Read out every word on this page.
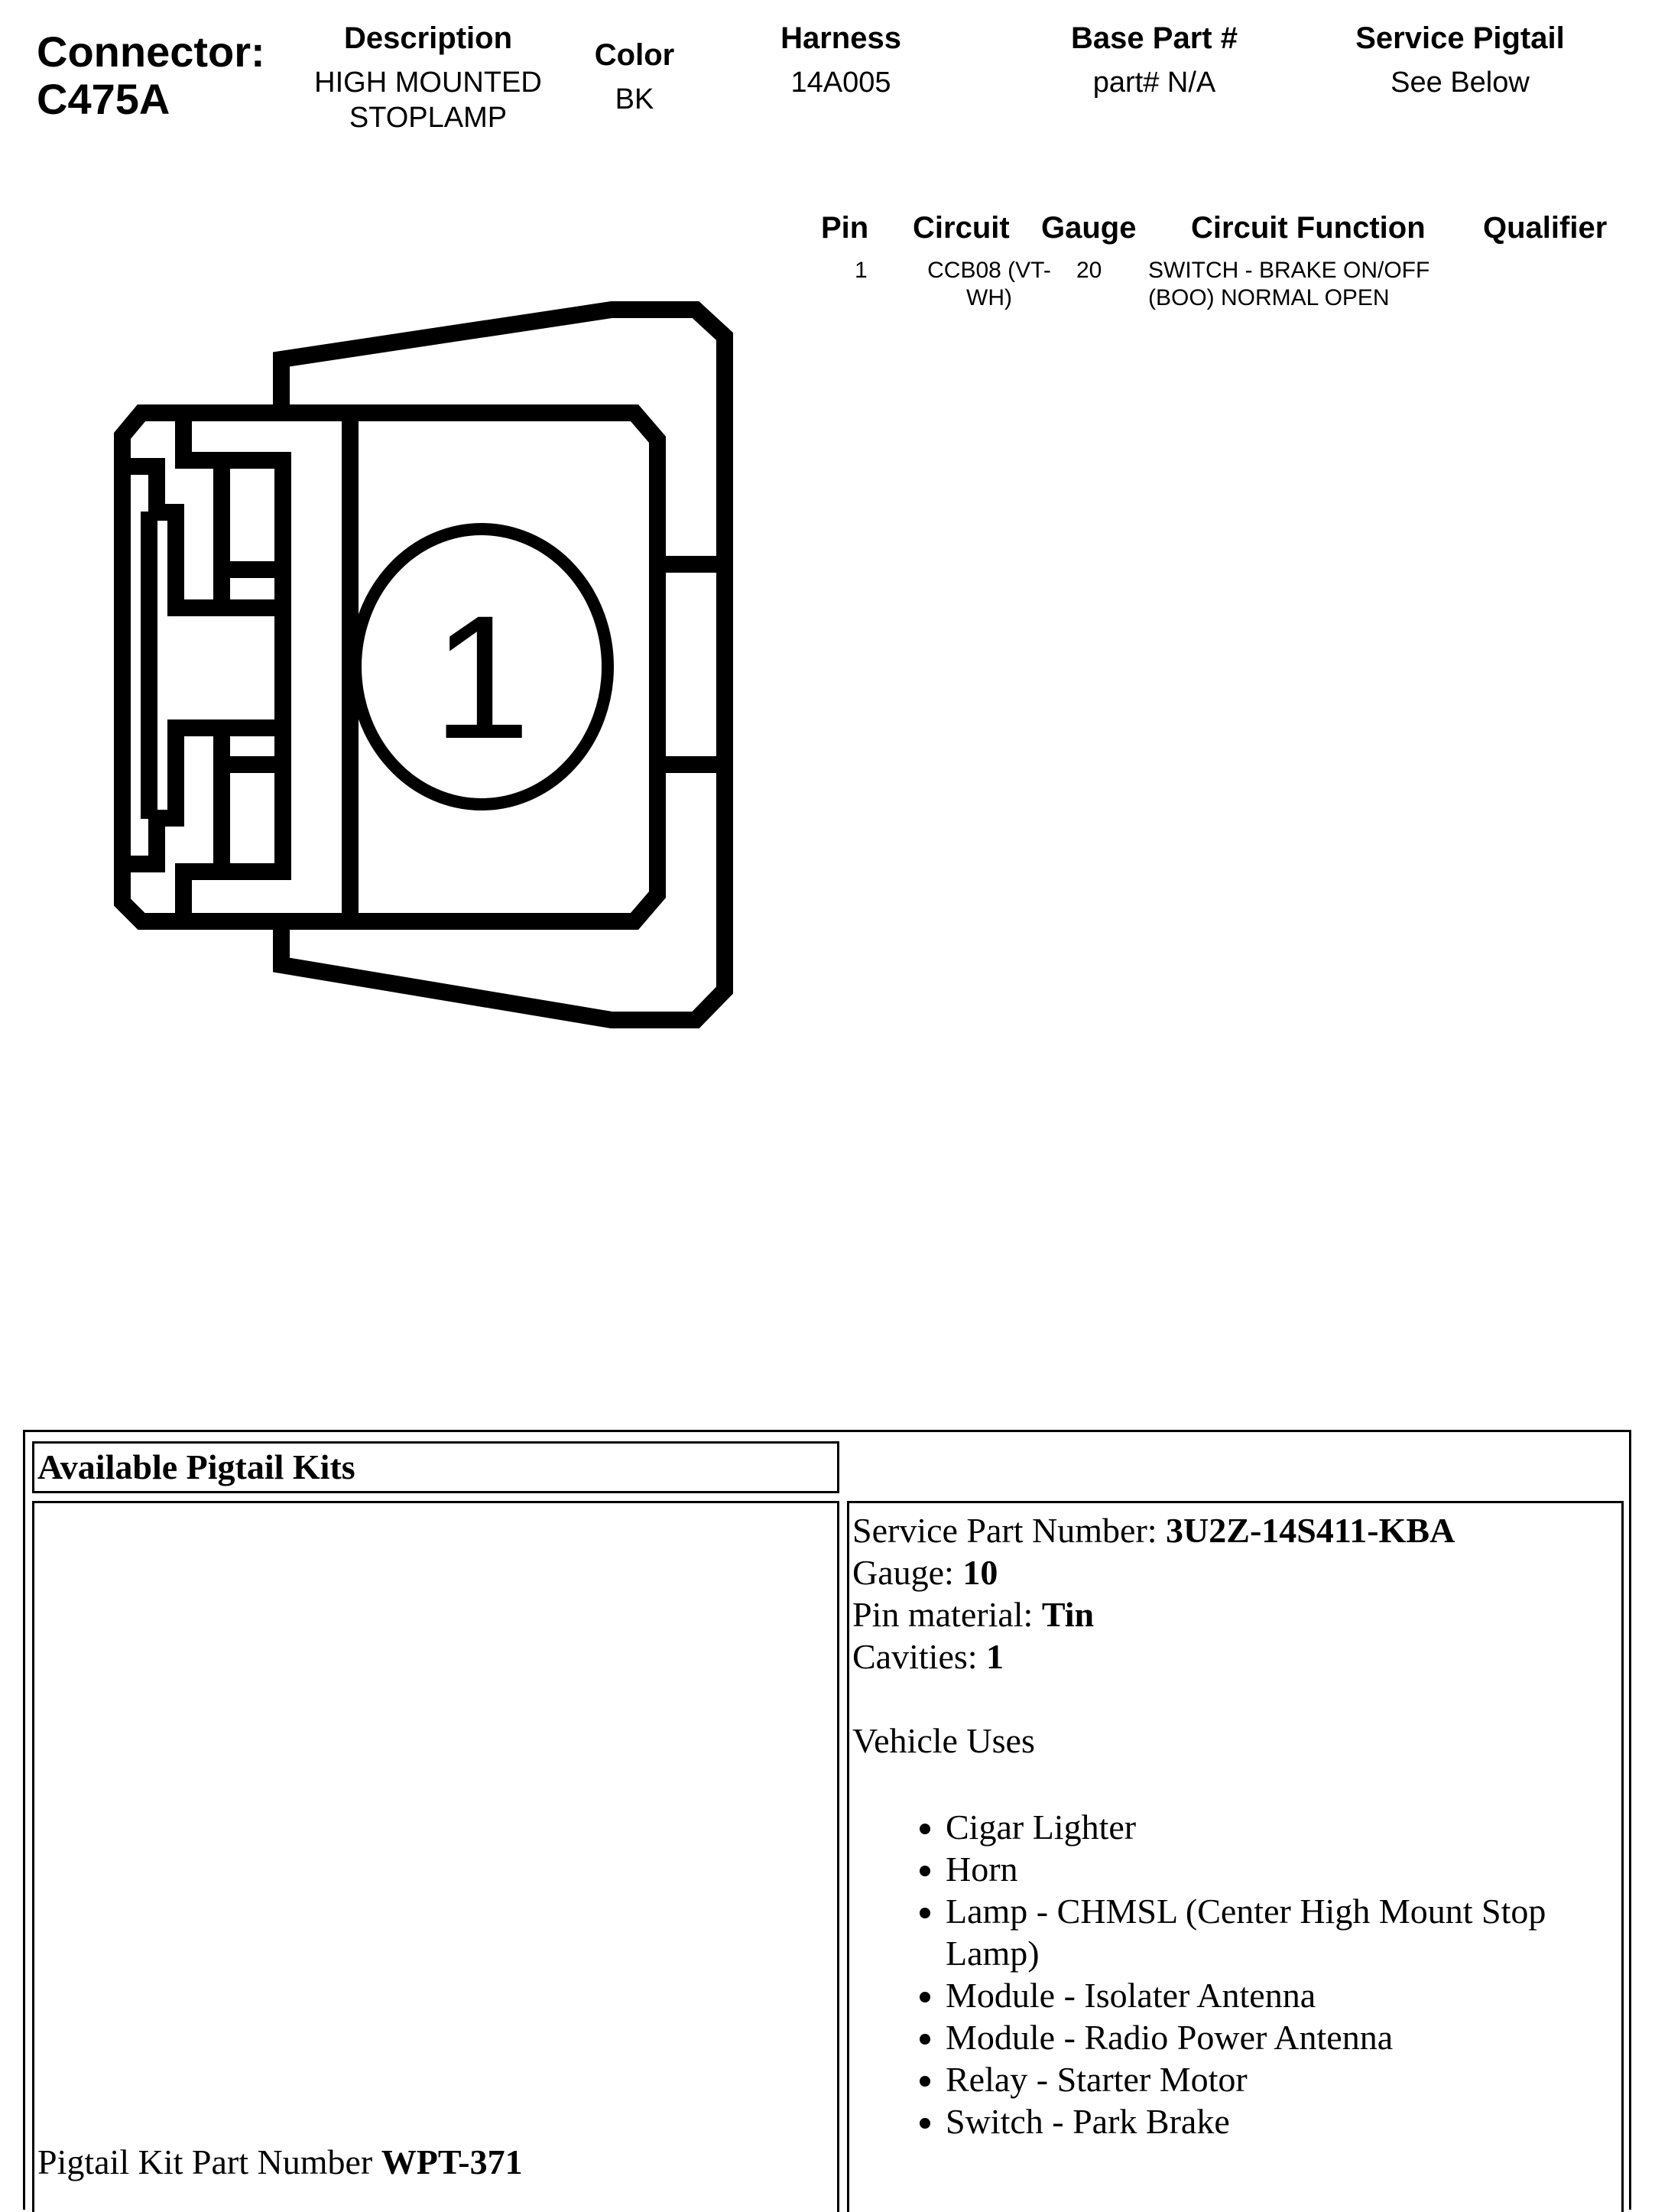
Connector:
C475A
Description
HIGH MOUNTED
STOPLAMP
Color
BK
Harness
14A005
Base Part #
part# N/A
Service Pigtail
See Below
Pin Circuit Gauge Circuit Function Qualifier
1	CCB08 (VT-
WH)
20 SWITCH - BRAKE ON/OFF
(BOO) NORMAL OPEN
1
Available Pigtail Kits
Pigtail Kit Part Number WPT-371
Service Part Number: 3U2Z-14S411-KBA
Gauge: 10
Pin material: Tin
Cavities: 1
Vehicle Uses
• Cigar Lighter
• Horn
• Lamp - CHMSL (Center High Mount Stop Lamp)
• Module - Isolater Antenna
• Module - Radio Power Antenna
• Relay - Starter Motor
• Switch - Park Brake
